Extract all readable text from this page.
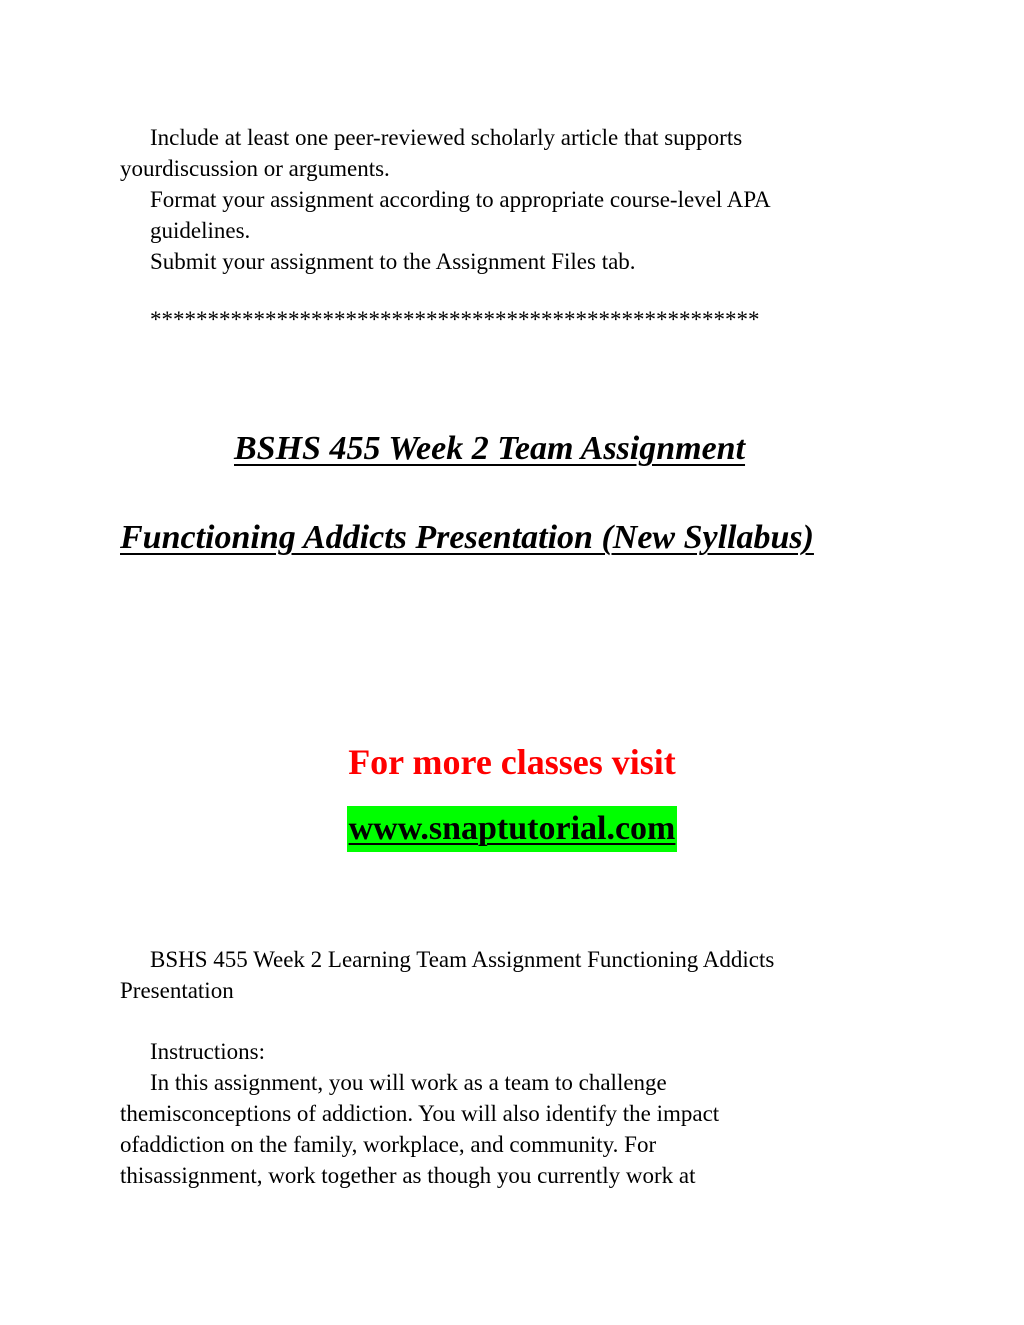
Include at least one peer-reviewed scholarly article that supports
yourdiscussion or arguments.
Format your assignment according to appropriate course-level APA
guidelines.
Submit your assignment to the Assignment Files tab.
*****************************************************
BSHS 455 Week 2 Team Assignment
Functioning Addicts Presentation (New Syllabus)
For more classes visit
www.snaptutorial.com
BSHS 455 Week 2 Learning Team Assignment Functioning Addicts
Presentation
Instructions:
In this assignment, you will work as a team to challenge
themisconceptions of addiction. You will also identify the impact
ofaddiction on the family, workplace, and community. For
thisassignment, work together as though you currently work at
